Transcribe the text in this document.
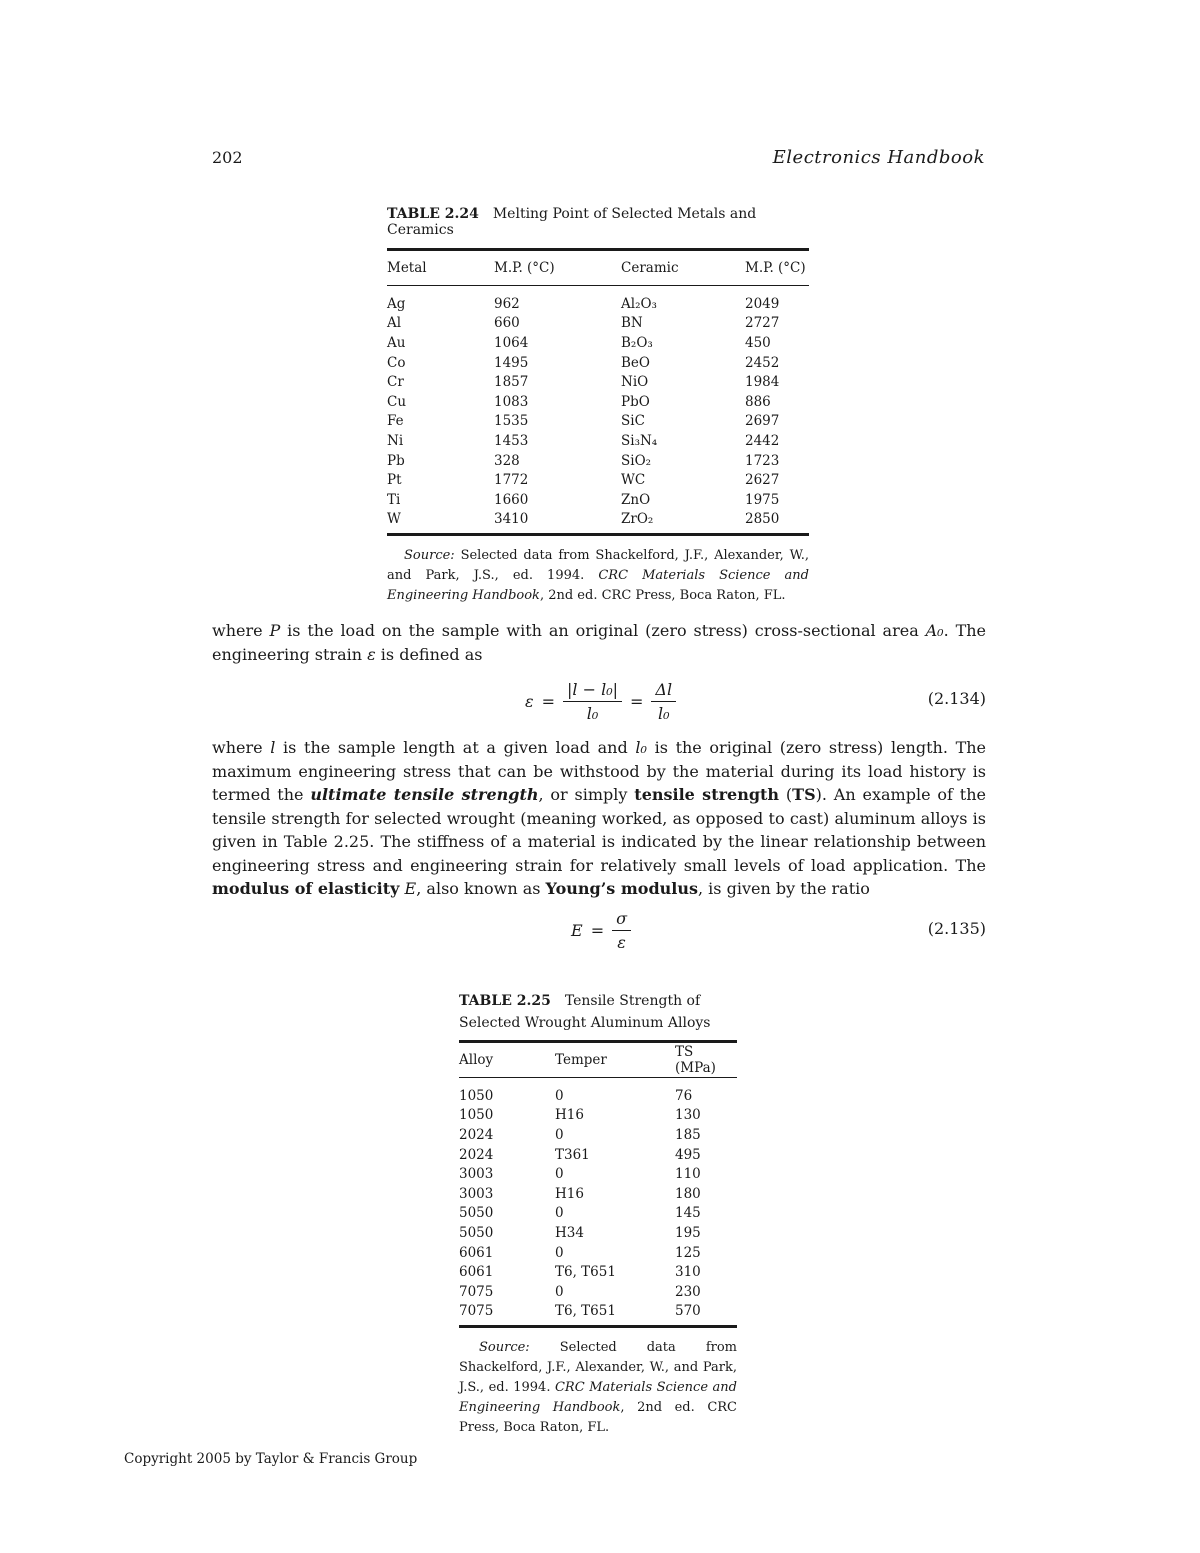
202	Electronics Handbook
TABLE 2.24 Melting Point of Selected Metals and Ceramics
Metal	M.P. (°C)	Ceramic	M.P. (°C)
Ag	962	Al₂O₃	2049
Al	660	BN	2727
Au	1064	B₂O₃	450
Co	1495	BeO	2452
Cr	1857	NiO	1984
Cu	1083	PbO	886
Fe	1535	SiC	2697
Ni	1453	Si₃N₄	2442
Pb	328	SiO₂	1723
Pt	1772	WC	2627
Ti	1660	ZnO	1975
W	3410	ZrO₂	2850
Source: Selected data from Shackelford, J.F., Alexander, W., and Park, J.S., ed. 1994. CRC Materials Science and Engineering Handbook, 2nd ed. CRC Press, Boca Raton, FL.
where P is the load on the sample with an original (zero stress) cross-sectional area A₀. The engineering strain ε is defined as
$\varepsilon = \frac{\text{|l − l₀|}}{\text{l₀}} = \frac{\Delta l}{\text{l₀}}$	(2.134)
where l is the sample length at a given load and l₀ is the original (zero stress) length. The maximum engineering stress that can be withstood by the material during its load history is termed the ultimate tensile strength, or simply tensile strength (TS). An example of the tensile strength for selected wrought (meaning worked, as opposed to cast) aluminum alloys is given in Table 2.25. The stiffness of a material is indicated by the linear relationship between engineering stress and engineering strain for relatively small levels of load application. The modulus of elasticity E, also known as Young’s modulus, is given by the ratio
$E = \frac{\sigma}{\varepsilon}$	(2.135)
TABLE 2.25 Tensile Strength of Selected Wrought Aluminum Alloys
Alloy	Temper	TS (MPa)
1050	0	76
1050	H16	130
2024	0	185
2024	T361	495
3003	0	110
3003	H16	180
5050	0	145
5050	H34	195
6061	0	125
6061	T6, T651	310
7075	0	230
7075	T6, T651	570
Source: Selected data from Shackelford, J.F., Alexander, W., and Park, J.S., ed. 1994. CRC Materials Science and Engineering Handbook, 2nd ed. CRC Press, Boca Raton, FL.
Copyright 2005 by Taylor & Francis Group
